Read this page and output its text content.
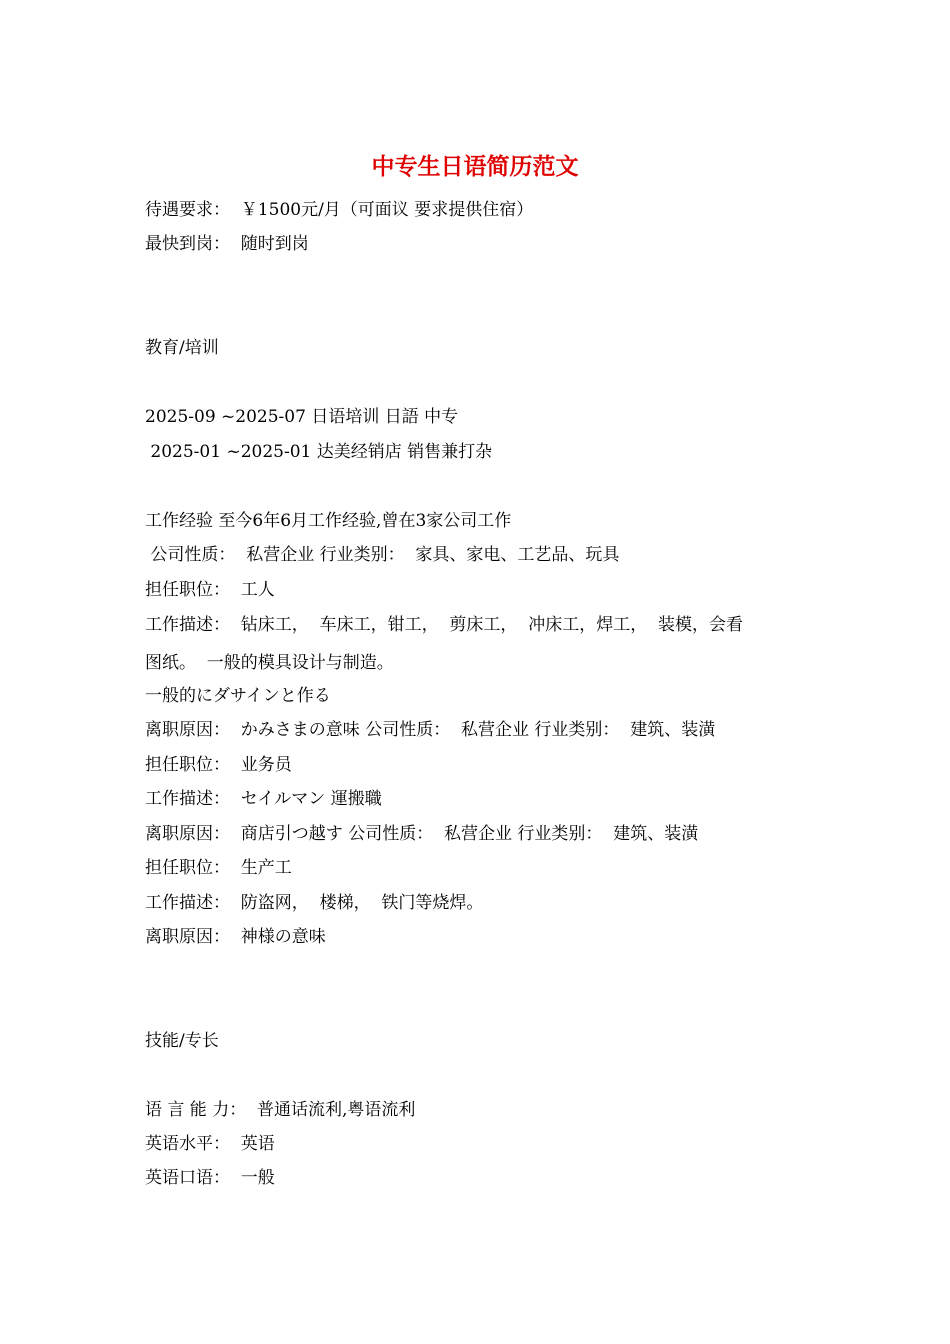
中专生日语简历范文
待遇要求：  ￥1500元/月（可面议 要求提供住宿）
最快到岗：  随时到岗
教育/培训
2025-09 ~2025-07 日语培训 日語 中专
2025-01 ~2025-01 达美经销店 销售兼打杂
工作经验 至今6年6月工作经验,曾在3家公司工作
公司性质：  私营企业 行业类别：  家具、家电、工艺品、玩具
担任职位：  工人
工作描述：  钻床工，  车床工，钳工，  剪床工，  冲床工，焊工，  装模，会看
图纸。  一般的模具设计与制造。
一般的にダサインと作る
离职原因：  かみさまの意味 公司性质：  私营企业 行业类别：  建筑、装潢
担任职位：  业务员
工作描述：  セイルマン 運搬職
离职原因：  商店引つ越す 公司性质：  私营企业 行业类别：  建筑、装潢
担任职位：  生产工
工作描述：  防盗网，  楼梯，  铁门等烧焊。
离职原因：  神様の意味
技能/专长
语 言 能 力：  普通话流利,粤语流利
英语水平：  英语
英语口语：  一般
